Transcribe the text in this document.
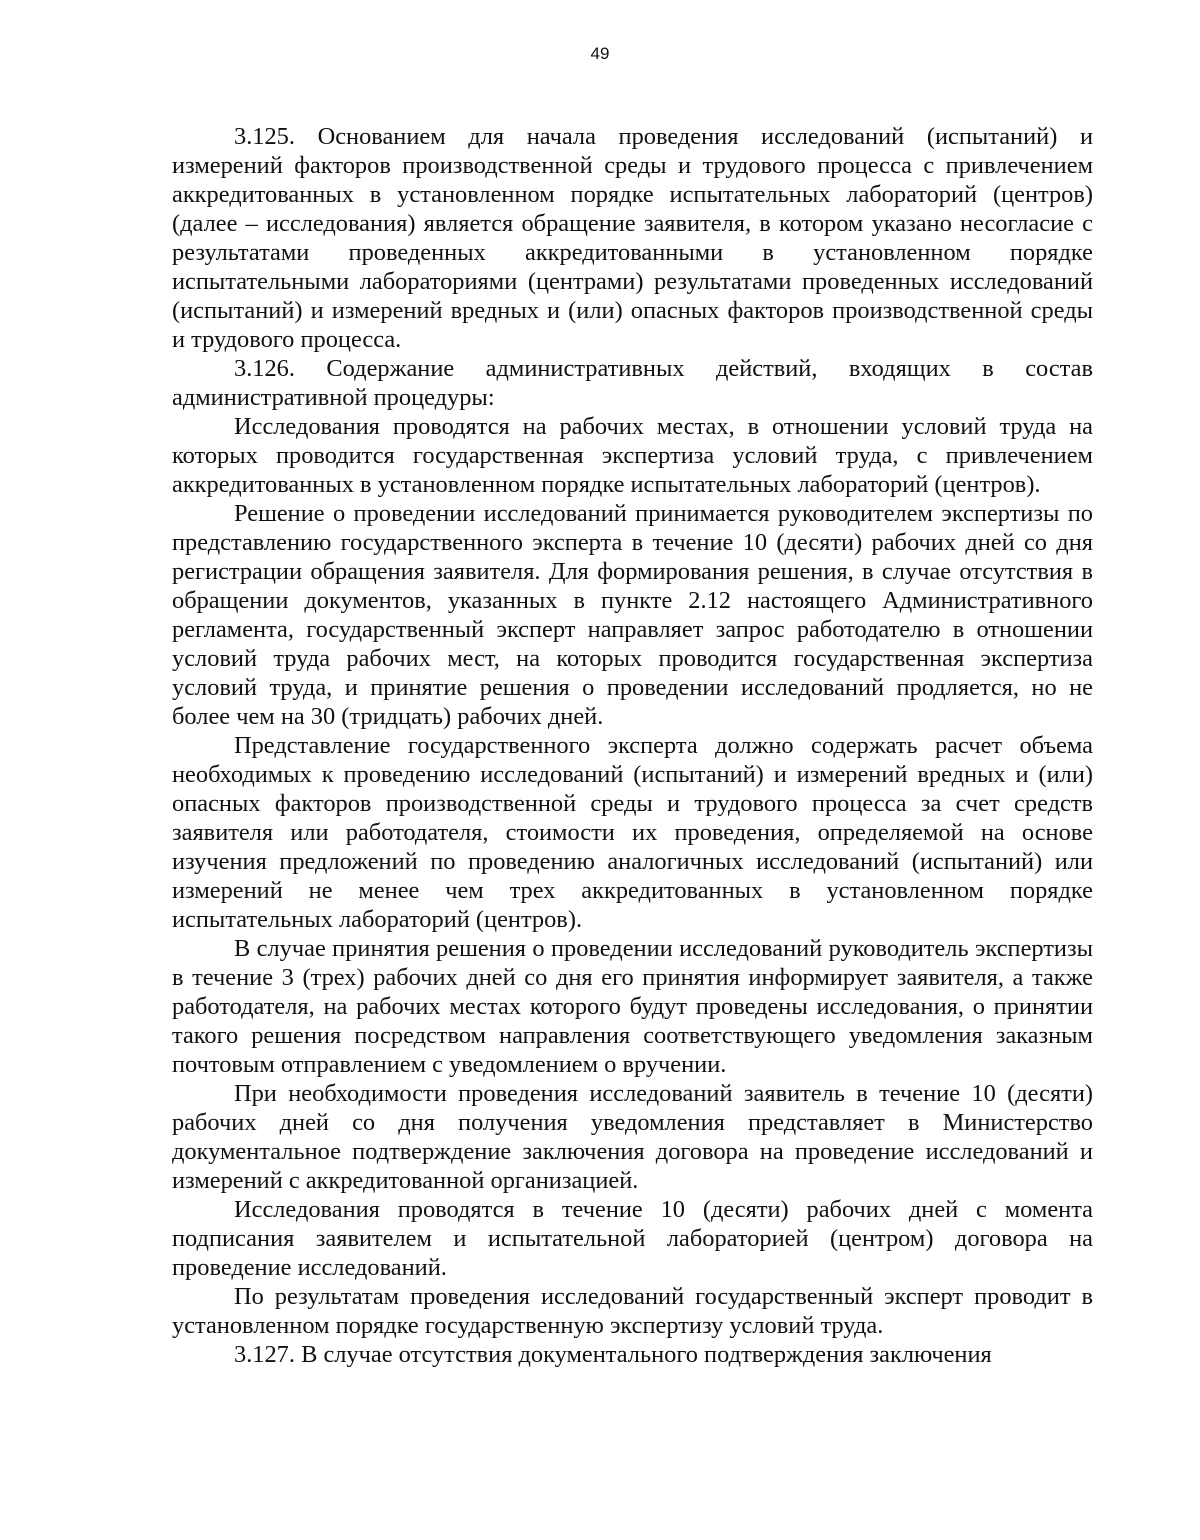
49

3.125. Основанием для начала проведения исследований (испытаний) и измерений факторов производственной среды и трудового процесса с привлечением аккредитованных в установленном порядке испытательных лабораторий (центров) (далее – исследования) является обращение заявителя, в котором указано несогласие с результатами проведенных аккредитованными в установленном порядке испытательными лабораториями (центрами) результатами проведенных исследований (испытаний) и измерений вредных и (или) опасных факторов производственной среды и трудового процесса.

3.126. Содержание административных действий, входящих в состав административной процедуры:

Исследования проводятся на рабочих местах, в отношении условий труда на которых проводится государственная экспертиза условий труда, с привлечением аккредитованных в установленном порядке испытательных лабораторий (центров).

Решение о проведении исследований принимается руководителем экспертизы по представлению государственного эксперта в течение 10 (десяти) рабочих дней со дня регистрации обращения заявителя. Для формирования решения, в случае отсутствия в обращении документов, указанных в пункте 2.12 настоящего Административного регламента, государственный эксперт направляет запрос работодателю в отношении условий труда рабочих мест, на которых проводится государственная экспертиза условий труда, и принятие решения о проведении исследований продляется, но не более чем на 30 (тридцать) рабочих дней.

Представление государственного эксперта должно содержать расчет объема необходимых к проведению исследований (испытаний) и измерений вредных и (или) опасных факторов производственной среды и трудового процесса за счет средств заявителя или работодателя, стоимости их проведения, определяемой на основе изучения предложений по проведению аналогичных исследований (испытаний) или измерений не менее чем трех аккредитованных в установленном порядке испытательных лабораторий (центров).

В случае принятия решения о проведении исследований руководитель экспертизы в течение 3 (трех) рабочих дней со дня его принятия информирует заявителя, а также работодателя, на рабочих местах которого будут проведены исследования, о принятии такого решения посредством направления соответствующего уведомления заказным почтовым отправлением с уведомлением о вручении.

При необходимости проведения исследований заявитель в течение 10 (десяти) рабочих дней со дня получения уведомления представляет в Министерство документальное подтверждение заключения договора на проведение исследований и измерений с аккредитованной организацией.

Исследования проводятся в течение 10 (десяти) рабочих дней с момента подписания заявителем и испытательной лабораторией (центром) договора на проведение исследований.

По результатам проведения исследований государственный эксперт проводит в установленном порядке государственную экспертизу условий труда.

3.127. В случае отсутствия документального подтверждения заключения
